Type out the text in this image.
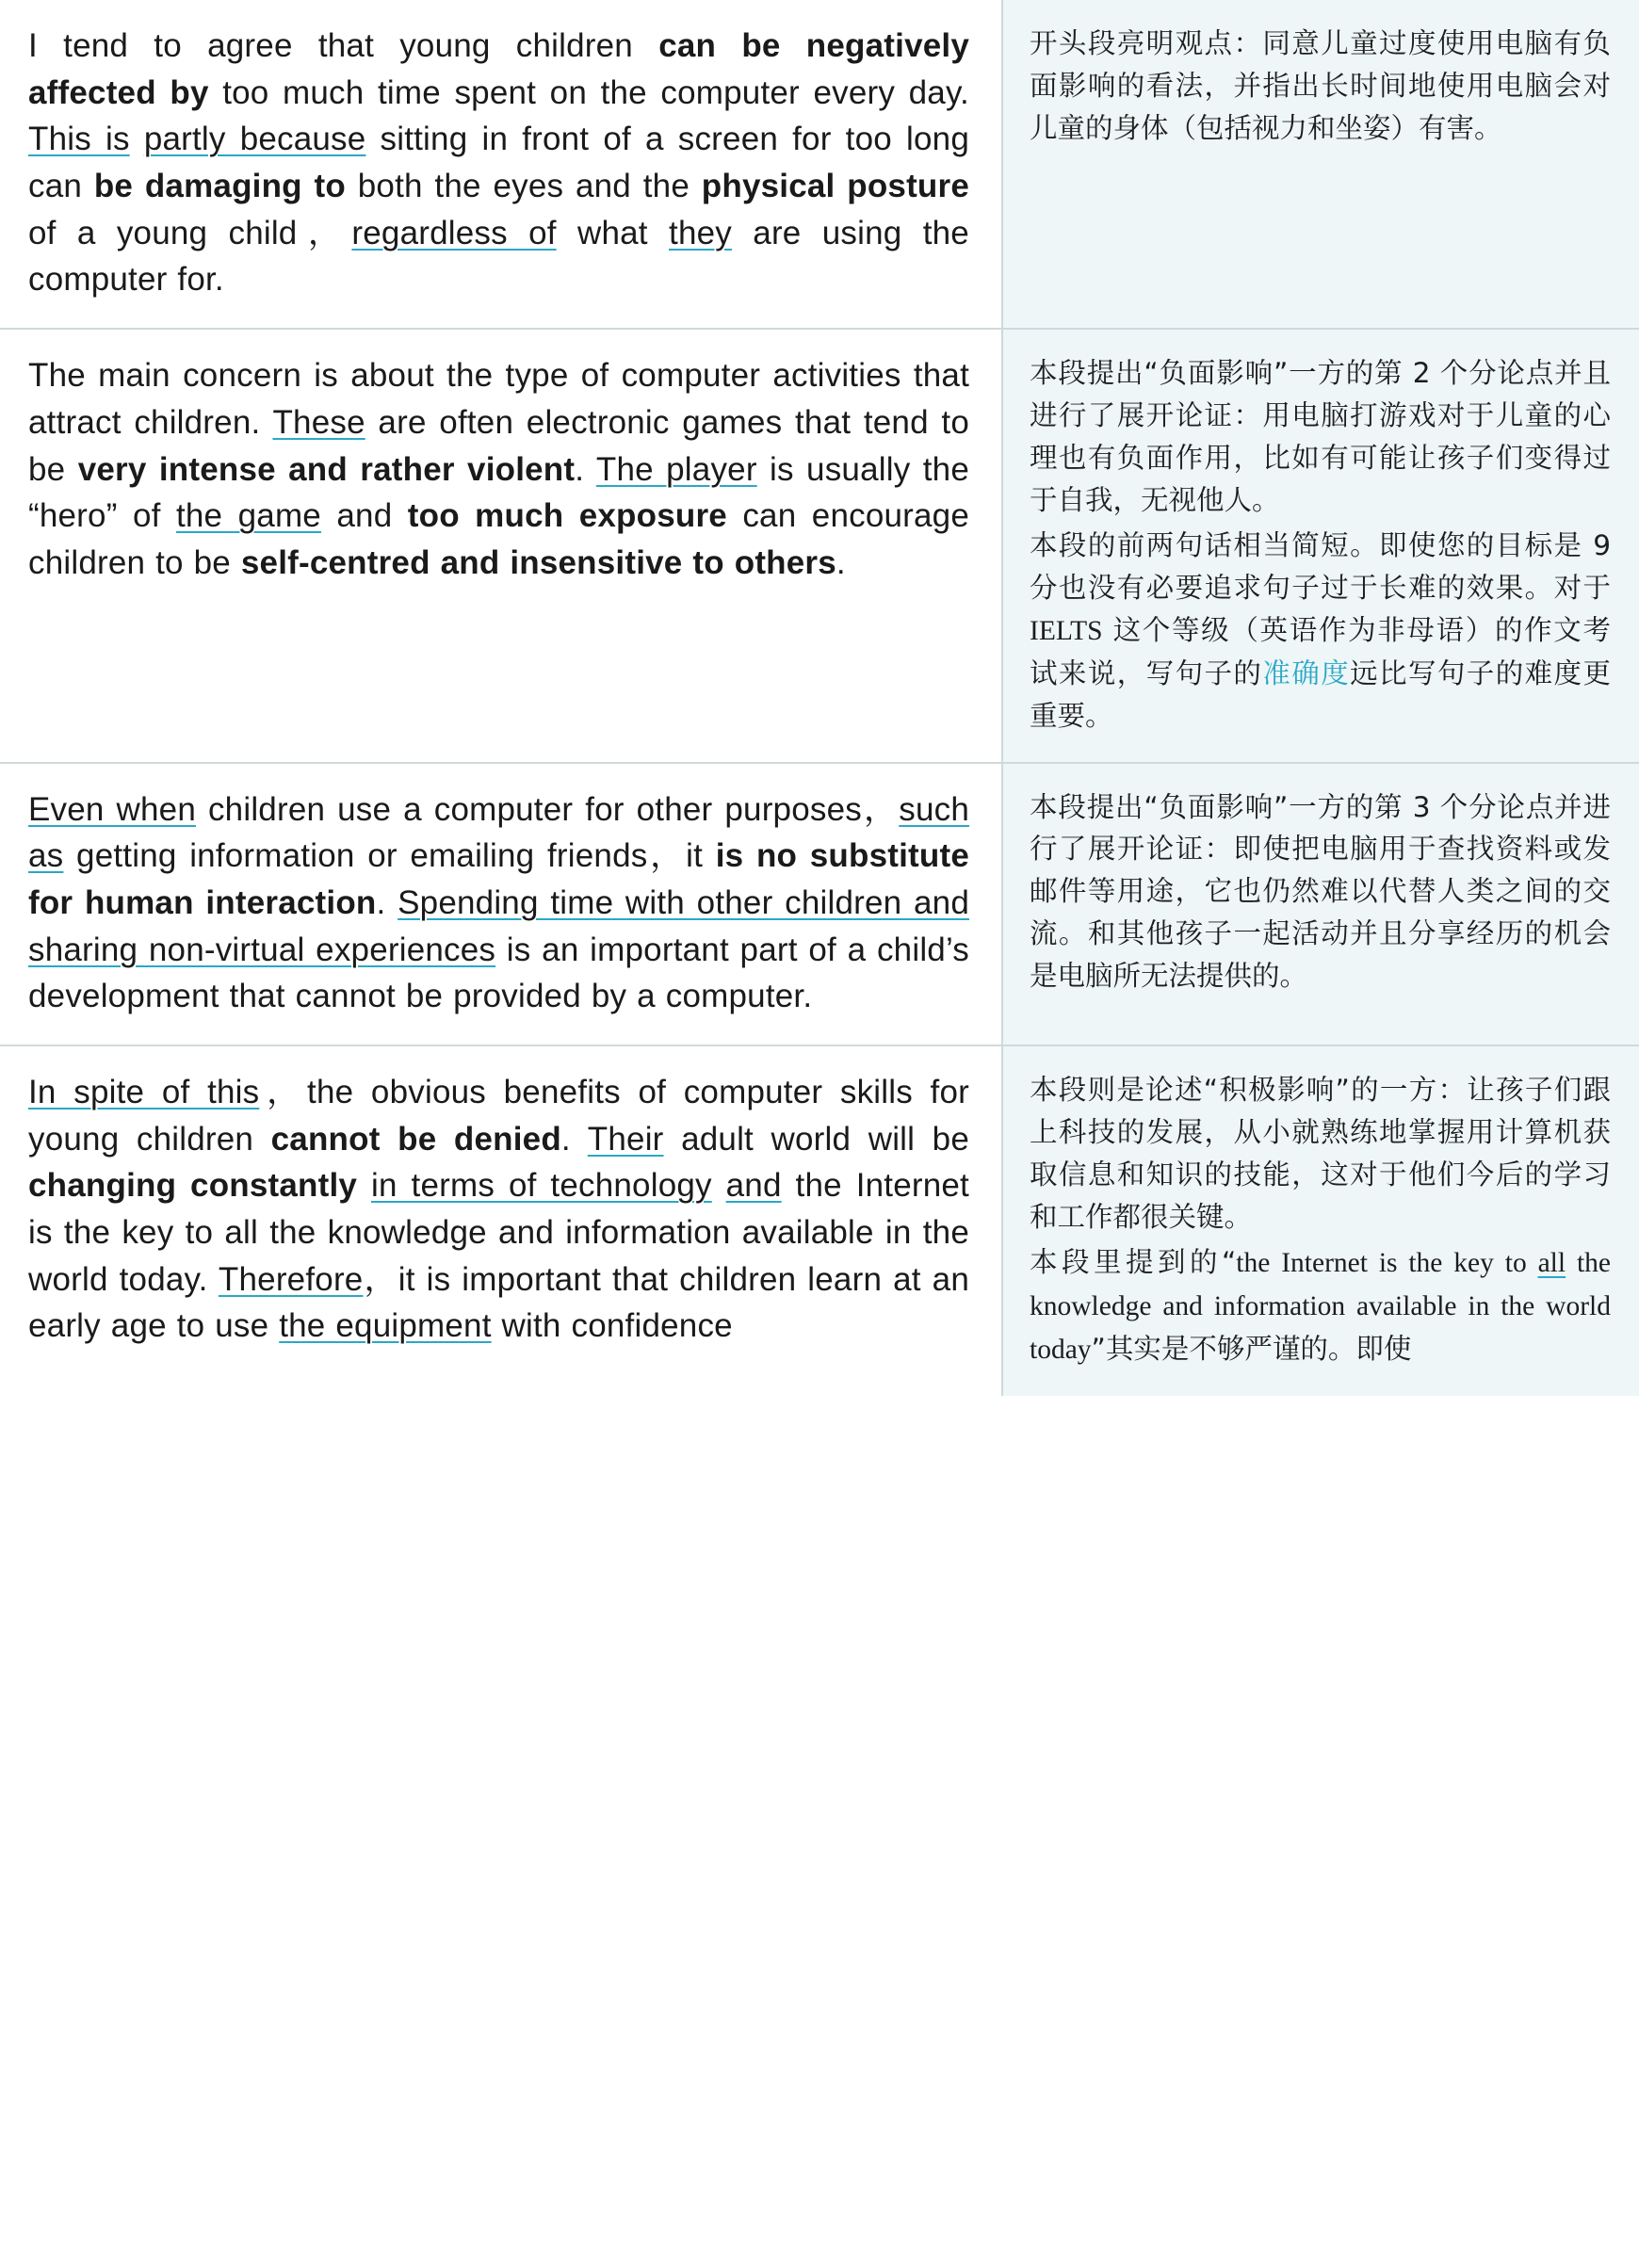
I tend to agree that young children can be negatively affected by too much time spent on the computer every day. This is partly because sitting in front of a screen for too long can be damaging to both the eyes and the physical posture of a young child，regardless of what they are using the computer for.

开头段亮明观点：同意儿童过度使用电脑有负面影响的看法，并指出长时间地使用电脑会对儿童的身体（包括视力和坐姿）有害。

The main concern is about the type of computer activities that attract children. These are often electronic games that tend to be very intense and rather violent. The player is usually the “hero” of the game and too much exposure can encourage children to be self-centred and insensitive to others.

本段提出“负面影响”一方的第 2 个分论点并且进行了展开论证：用电脑打游戏对于儿童的心理也有负面作用，比如有可能让孩子们变得过于自我，无视他人。

本段的前两句话相当简短。即使您的目标是 9 分也没有必要追求句子过于长难的效果。对于 IELTS 这个等级（英语作为非母语）的作文考试来说，写句子的准确度远比写句子的难度更重要。

Even when children use a computer for other purposes，such as getting information or emailing friends，it is no substitute for human interaction. Spending time with other children and sharing non-virtual experiences is an important part of a child’s development that cannot be provided by a computer.

本段提出“负面影响”一方的第 3 个分论点并进行了展开论证：即使把电脑用于查找资料或发邮件等用途，它也仍然难以代替人类之间的交流。和其他孩子一起活动并且分享经历的机会是电脑所无法提供的。

In spite of this，the obvious benefits of computer skills for young children cannot be denied. Their adult world will be changing constantly in terms of technology and the Internet is the key to all the knowledge and information available in the world today. Therefore，it is important that children learn at an early age to use the equipment with confidence

本段则是论述“积极影响”的一方：让孩子们跟上科技的发展，从小就熟练地掌握用计算机获取信息和知识的技能，这对于他们今后的学习和工作都很关键。

本段里提到的“the Internet is the key to all the knowledge and information available in the world today”其实是不够严谨的。即使
